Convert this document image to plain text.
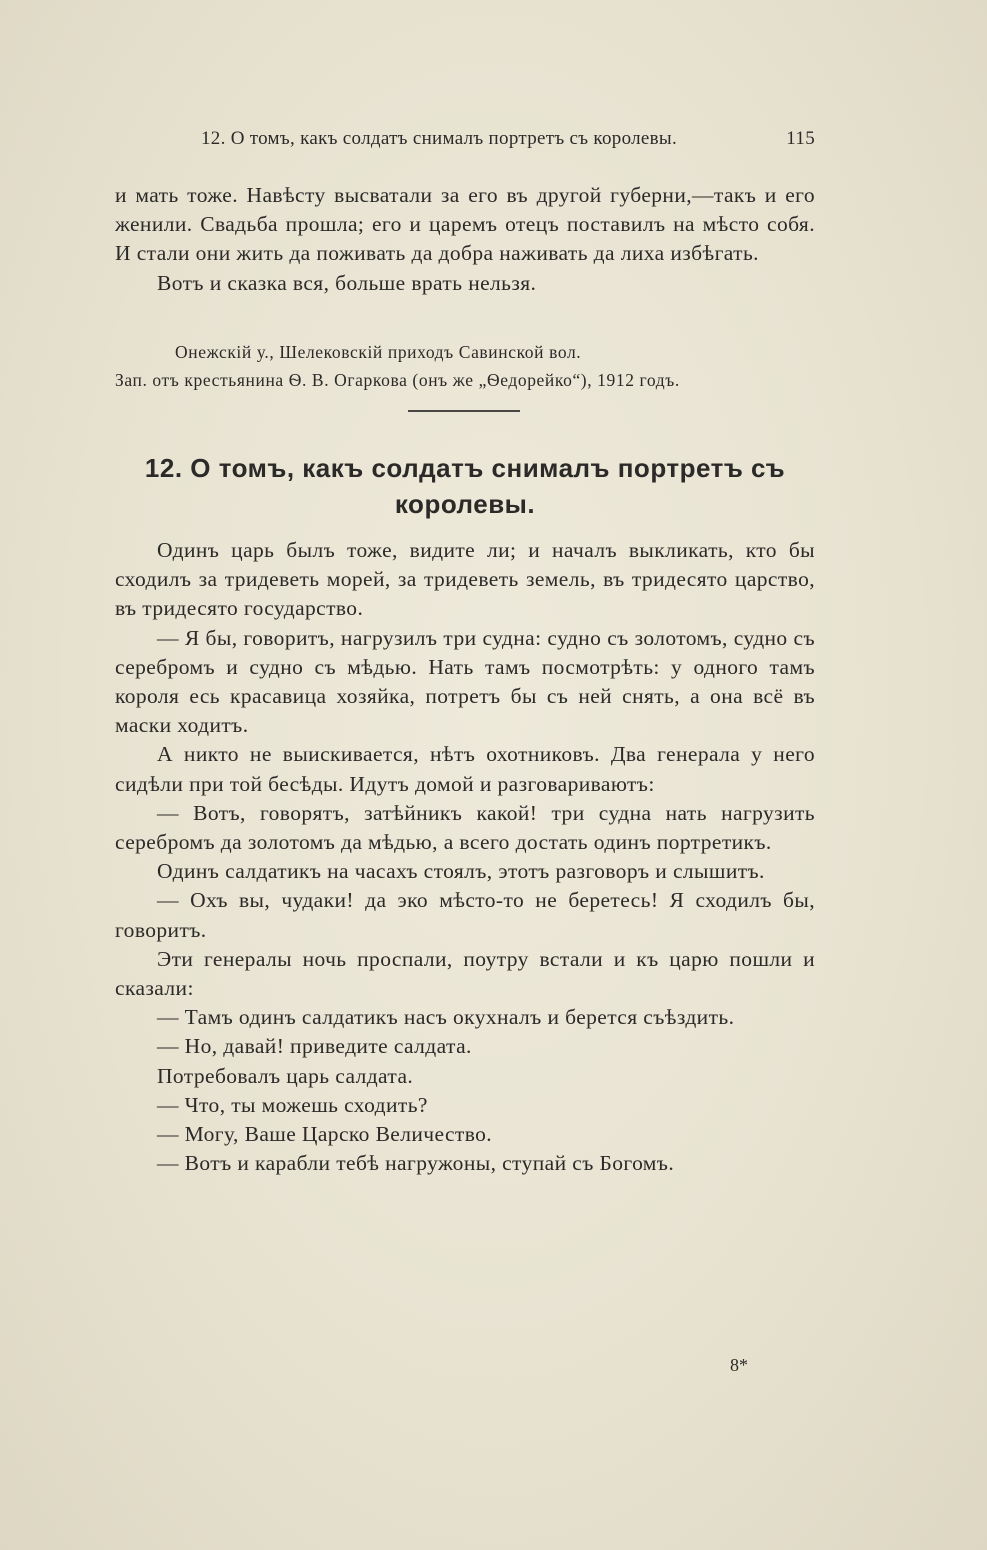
12. О томъ, какъ солдатъ снималъ портретъ съ королевы.	115

и мать тоже. Навѣсту высватали за его въ другой губерни,—такъ и его женили. Свадьба прошла; его и царемъ отецъ поставилъ на мѣсто собя. И стали они жить да поживать да добра наживать да лиха избѣгать.

Вотъ и сказка вся, больше врать нельзя.

Онежскій у., Шелековскій приходъ Савинской вол.
Зап. отъ крестьянина Ѳ. В. Огаркова (онъ же „Ѳедорейко“), 1912 годъ.
12. О томъ, какъ солдатъ снималъ портретъ съ королевы.

Одинъ царь былъ тоже, видите ли; и началъ выкликать, кто бы сходилъ за тридеветь морей, за тридеветь земель, въ тридесято царство, въ тридесято государство.

— Я бы, говоритъ, нагрузилъ три судна: судно съ золотомъ, судно съ серебромъ и судно съ мѣдью. Нать тамъ посмотрѣть: у одного тамъ короля есь красавица хозяйка, потретъ бы съ ней снять, а она всё въ маски ходитъ.

А никто не выискивается, нѣтъ охотниковъ. Два генерала у него сидѣли при той бесѣды. Идутъ домой и разговариваютъ:

— Вотъ, говорятъ, затѣйникъ какой! три судна нать нагрузить серебромъ да золотомъ да мѣдью, а всего достать одинъ портретикъ.

Одинъ салдатикъ на часахъ стоялъ, этотъ разговоръ и слышитъ.

— Охъ вы, чудаки! да эко мѣсто-то не беретесь! Я сходилъ бы, говоритъ.

Эти генералы ночь проспали, поутру встали и къ царю пошли и сказали:

— Тамъ одинъ салдатикъ насъ окухналъ и берется съѣздить.

— Но, давай! приведите салдата.

Потребовалъ царь салдата.

— Что, ты можешь сходить?

— Могу, Ваше Царско Величество.

— Вотъ и карабли тебѣ нагружоны, ступай съ Богомъ.

8*
